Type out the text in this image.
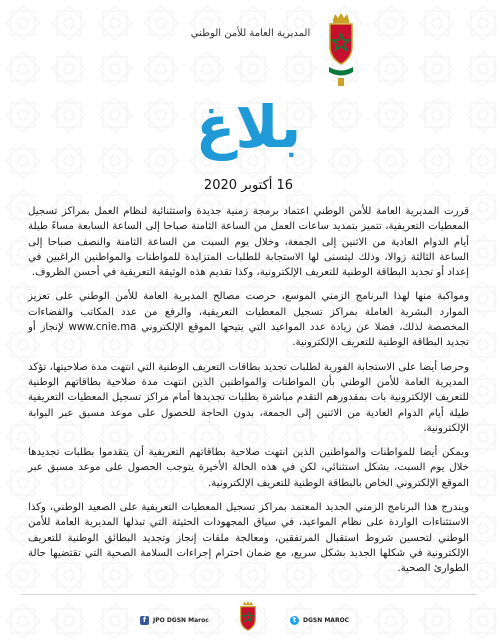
المديرية العامة للأمن الوطني
بلاغ
16 أكتوبر 2020

قررت المديرية العامة للأمن الوطني اعتماد برمجة زمنية جديدة واستثنائية لنظام العمل بمراكز تسجيل المعطيات التعريفية، تتميز بتمديد ساعات العمل من الساعة الثامنة صباحا إلى الساعة السابعة مساءً طيلة أيام الدوام العادية من الاثنين إلى الجمعة، وخلال يوم السبت من الساعة الثامنة والنصف صباحا إلى الساعة الثالثة زوالا، وذلك ليتسنى لها الاستجابة للطلبات المتزايدة للمواطنات والمواطنين الراغبين في إعداد أو تجديد البطاقة الوطنية للتعريف الإلكترونية، وكذا تقديم هذه الوثيقة التعريفية في أحسن الظروف.

ومواكبة منها لهذا البرنامج الزمني الموسع، حرصت مصالح المديرية العامة للأمن الوطني على تعزيز الموارد البشرية العاملة بمراكز تسجيل المعطيات التعريفية، والرفع من عدد المكاتب والفضاءات المخصصة لذلك، فضلا عن زيادة عدد المواعيد التي يتيحها الموقع الإلكتروني www.cnie.ma لإنجاز أو تجديد البطاقة الوطنية للتعريف الإلكترونية.

وحرصا أيضا على الاستجابة الفورية لطلبات تجديد بطاقات التعريف الوطنية التي انتهت مدة صلاحيتها، تؤكد المديرية العامة للأمن الوطني بأن المواطنات والمواطنين الذين انتهت مدة صلاحية بطاقاتهم الوطنية للتعريف الإلكترونية بات بمقدورهم التقدم مباشرة بطلبات تجديدها أمام مراكز تسجيل المعطيات التعريفية طيلة أيام الدوام العادية من الاثنين إلى الجمعة، بدون الحاجة للحصول على موعد مسبق عبر البوابة الإلكترونية.

ويمكن أيضا للمواطنات والمواطنين الذين انتهت صلاحية بطاقاتهم التعريفية أن يتقدموا بطلبات تجديدها خلال يوم السبت، بشكل استثنائي، لكن في هذه الحالة الأخيرة يتوجب الحصول على موعد مسبق عبر الموقع الإلكتروني الخاص بالبطاقة الوطنية للتعريف الإلكترونية.

ويندرج هذا البرنامج الزمني الجديد المعتمد بمراكز تسجيل المعطيات التعريفية على الصعيد الوطني، وكذا الاستثناءات الواردة على نظام المواعيد، في سياق المجهودات الحثيثة التي تبذلها المديرية العامة للأمن الوطني لتحسين شروط استقبال المرتفقين، ومعالجة ملفات إنجاز وتجديد البطائق الوطنية للتعريف الإلكترونية في شكلها الجديد بشكل سريع، مع ضمان احترام إجراءات السلامة الصحية التي تقتضيها حالة الطوارئ الصحية.

f	JPO DGSN Maroc	t	DGSN MAROC
